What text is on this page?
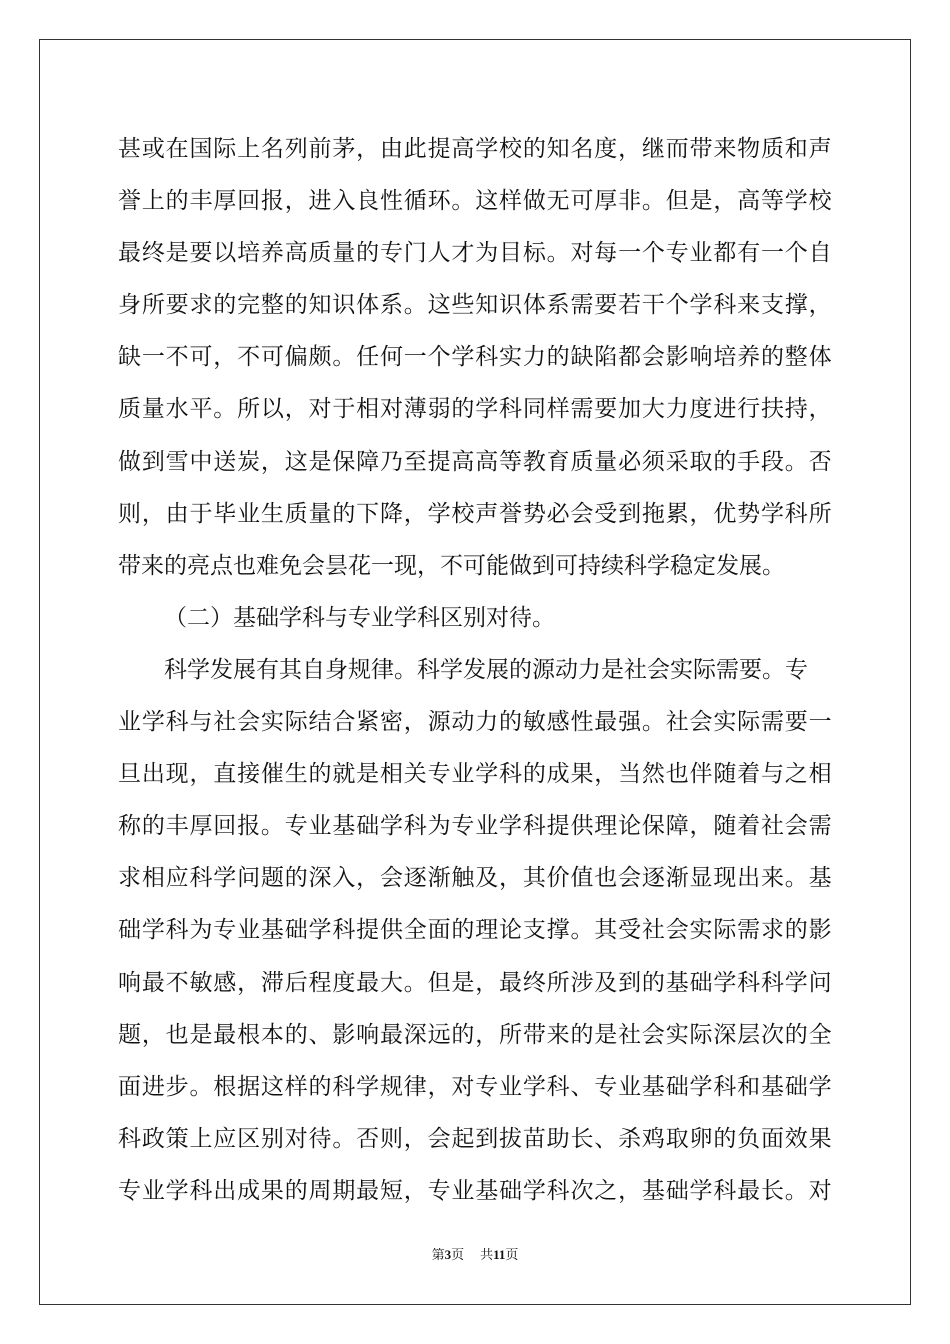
甚 或 在 国 际 上 名 列 前 茅 ， 由 此 提 高 学 校 的 知 名 度 ， 继 而 带 来 物 质 和 声
誉 上 的 丰 厚 回 报 ， 进 入 良 性 循 环 。 这 样 做 无 可 厚 非 。 但 是 ， 高 等 学 校
最 终 是 要 以 培 养 高 质 量 的 专 门 人 才 为 目 标 。 对 每 一 个 专 业 都 有 一 个 自
身 所 要 求 的 完 整 的 知 识 体 系 。 这 些 知 识 体 系 需 要 若 干 个 学 科 来 支 撑 ，
缺 一 不 可 ， 不 可 偏 颇 。 任 何 一 个 学 科 实 力 的 缺 陷 都 会 影 响 培 养 的 整 体
质 量 水 平 。 所 以 ， 对 于 相 对 薄 弱 的 学 科 同 样 需 要 加 大 力 度 进 行 扶 持 ，
做 到 雪 中 送 炭 ， 这 是 保 障 乃 至 提 高 高 等 教 育 质 量 必 须 采 取 的 手 段 。 否
则 ， 由 于 毕 业 生 质 量 的 下 降 ， 学 校 声 誉 势 必 会 受 到 拖 累 ， 优 势 学 科 所
带来的亮点也难免会昙花一现，不可能做到可持续科学稳定发展。
（二）基础学科与专业学科区别对待。
科学发展有其自身规律。科学发展的源动力是社会实际需要。专
业 学 科 与 社 会 实 际 结 合 紧 密 ， 源 动 力 的 敏 感 性 最 强 。 社 会 实 际 需 要 一
旦 出 现 ， 直 接 催 生 的 就 是 相 关 专 业 学 科 的 成 果 ， 当 然 也 伴 随 着 与 之 相
称 的 丰 厚 回 报 。 专 业 基 础 学 科 为 专 业 学 科 提 供 理 论 保 障 ， 随 着 社 会 需
求 相 应 科 学 问 题 的 深 入 ， 会 逐 渐 触 及 ， 其 价 值 也 会 逐 渐 显 现 出 来 。 基
础 学 科 为 专 业 基 础 学 科 提 供 全 面 的 理 论 支 撑 。 其 受 社 会 实 际 需 求 的 影
响 最 不 敏 感 ， 滞 后 程 度 最 大 。 但 是 ， 最 终 所 涉 及 到 的 基 础 学 科 科 学 问
题 ， 也 是 最 根 本 的 、 影 响 最 深 远 的 ， 所 带 来 的 是 社 会 实 际 深 层 次 的 全
面 进 步 。 根 据 这 样 的 科 学 规 律 ， 对 专 业 学 科 、 专 业 基 础 学 科 和 基 础 学
科 政 策 上 应 区 别 对 待 。 否 则 ， 会 起 到 拔 苗 助 长 、 杀 鸡 取 卵 的 负 面 效 果
专 业 学 科 出 成 果 的 周 期 最 短 ， 专 业 基 础 学 科 次 之 ， 基 础 学 科 最 长 。 对
第3页 共11页
